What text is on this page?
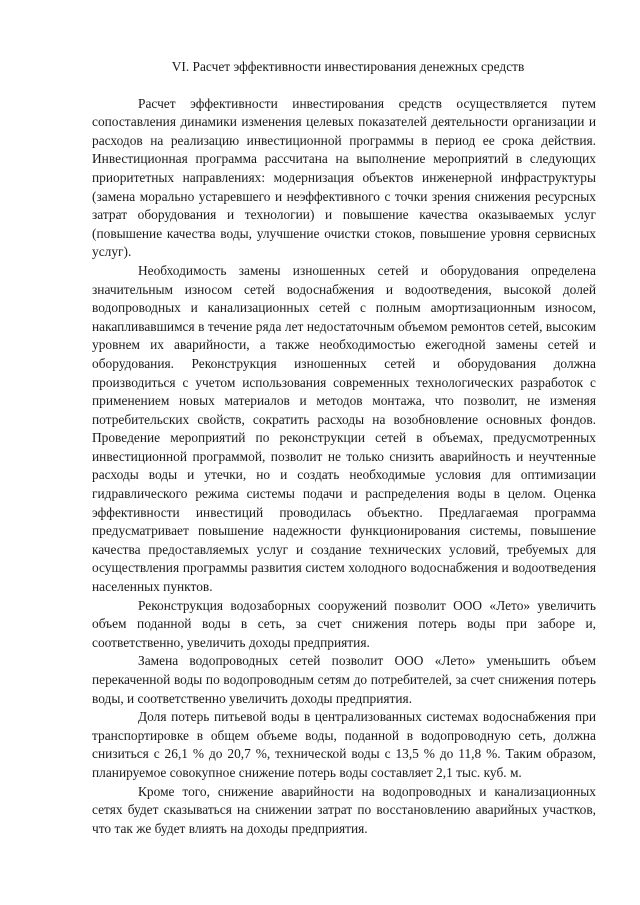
VI. Расчет эффективности инвестирования денежных средств

Расчет эффективности инвестирования средств осуществляется путем сопоставления динамики изменения целевых показателей деятельности организации и расходов на реализацию инвестиционной программы в период ее срока действия. Инвестиционная программа рассчитана на выполнение мероприятий в следующих приоритетных направлениях: модернизация объектов инженерной инфраструктуры (замена морально устаревшего и неэффективного с точки зрения снижения ресурсных затрат оборудования и технологии) и повышение качества оказываемых услуг (повышение качества воды, улучшение очистки стоков, повышение уровня сервисных услуг).

Необходимость замены изношенных сетей и оборудования определена значительным износом сетей водоснабжения и водоотведения, высокой долей водопроводных и канализационных сетей с полным амортизационным износом, накапливавшимся в течение ряда лет недостаточным объемом ремонтов сетей, высоким уровнем их аварийности, а также необходимостью ежегодной замены сетей и оборудования. Реконструкция изношенных сетей и оборудования должна производиться с учетом использования современных технологических разработок с применением новых материалов и методов монтажа, что позволит, не изменяя потребительских свойств, сократить расходы на возобновление основных фондов. Проведение мероприятий по реконструкции сетей в объемах, предусмотренных инвестиционной программой, позволит не только снизить аварийность и неучтенные расходы воды и утечки, но и создать необходимые условия для оптимизации гидравлического режима системы подачи и распределения воды в целом. Оценка эффективности инвестиций проводилась объектно. Предлагаемая программа предусматривает повышение надежности функционирования системы, повышение качества предоставляемых услуг и создание технических условий, требуемых для осуществления программы развития систем холодного водоснабжения и водоотведения населенных пунктов.

Реконструкция водозаборных сооружений позволит ООО «Лето» увеличить объем поданной воды в сеть, за счет снижения потерь воды при заборе и, соответственно, увеличить доходы предприятия.

Замена водопроводных сетей позволит ООО «Лето» уменьшить объем перекаченной воды по водопроводным сетям до потребителей, за счет снижения потерь воды, и соответственно увеличить доходы предприятия.

Доля потерь питьевой воды в централизованных системах водоснабжения при транспортировке в общем объеме воды, поданной в водопроводную сеть, должна снизиться с 26,1 % до 20,7 %, технической воды с 13,5 % до 11,8 %. Таким образом, планируемое совокупное снижение потерь воды составляет 2,1 тыс. куб. м.

Кроме того, снижение аварийности на водопроводных и канализационных сетях будет сказываться на снижении затрат по восстановлению аварийных участков, что так же будет влиять на доходы предприятия.
